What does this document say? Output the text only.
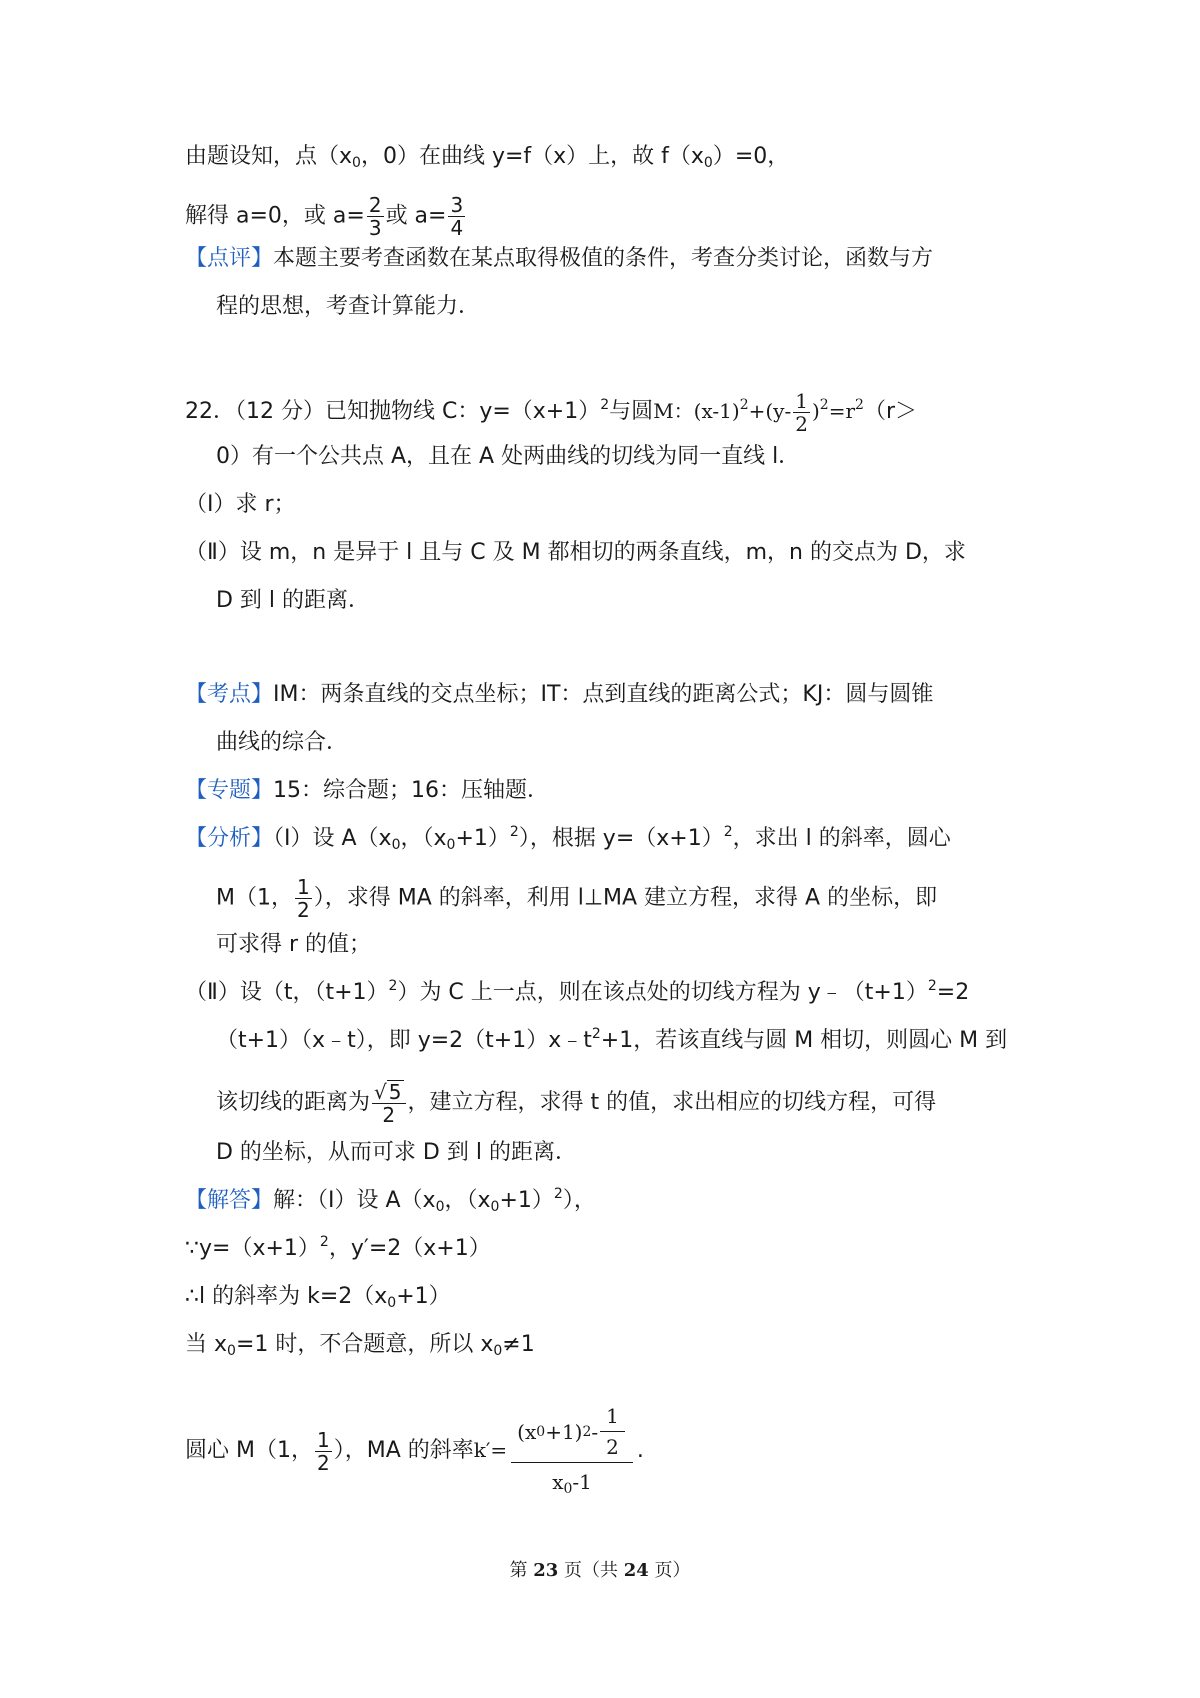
由题设知，点（$x_0$，0）在曲线 y=f（x）上，故 $f(x_0)=0$，
解得 a=0，或 $a= \frac{2}{3}$ 或 $a= \frac{3}{4}$
【点评】本题主要考查函数在某点取得极值的条件，考查分类讨论，函数与方
程的思想，考查计算能力．
22．（12 分）已知抛物线 C：$y=(x+1)^2$与圆M：$(x-1)^2+(y- \frac{1}{2} )^2=r^2(r>$
0）有一个公共点 A，且在 A 处两曲线的切线为同一直线 l．
（Ⅰ）求 r；
（Ⅱ）设 m，n 是异于 l 且与 C 及 M 都相切的两条直线，m，n 的交点为 D，求
D 到 l 的距离．
【考点】IM：两条直线的交点坐标；IT：点到直线的距离公式；KJ：圆与圆锥
曲线的综合．
【专题】15：综合题；16：压轴题．
【分析】（Ⅰ）设 $A(x_0$，$(x_0+1)^2$），根据 $y=(x+1)^2$，求出 l 的斜率，圆心
M（1， $\frac{1}{2}$ ），求得 MA 的斜率，利用 l⊥MA 建立方程，求得 A 的坐标，即
可求得 r 的值；
（Ⅱ）设（t，$(t+1)^2$）为 C 上一点，则在该点处的切线方程为 $y﹣(t+1)^2=2$
（t+1）（x﹣t），即 $y=2(t+1)x﹣t^2+1$，若该直线与圆 M 相切，则圆心 M 到
该切线的距离为 $\frac{√ 5}{2}$ ，建立方程，求得 t 的值，求出相应的切线方程，可得
D 的坐标，从而可求 D 到 l 的距离．
【解答】解：（Ⅰ）设 $A(x_0$，$(x_0+1)^2$），
$\because y=(x+1)^2$，y′=2（x+1）
∴l 的斜率为 $k=2(x_0+1)$
当 $x_0=1$ 时，不合题意，所以 $x_0\ne 1$
圆心 M（1， $\frac{1}{2}$ ），MA 的斜率$k'= \frac{(x 0 +1) 2 - \frac{1}{2}}{x_0-1}$ .
第 23 页（共 24 页）
